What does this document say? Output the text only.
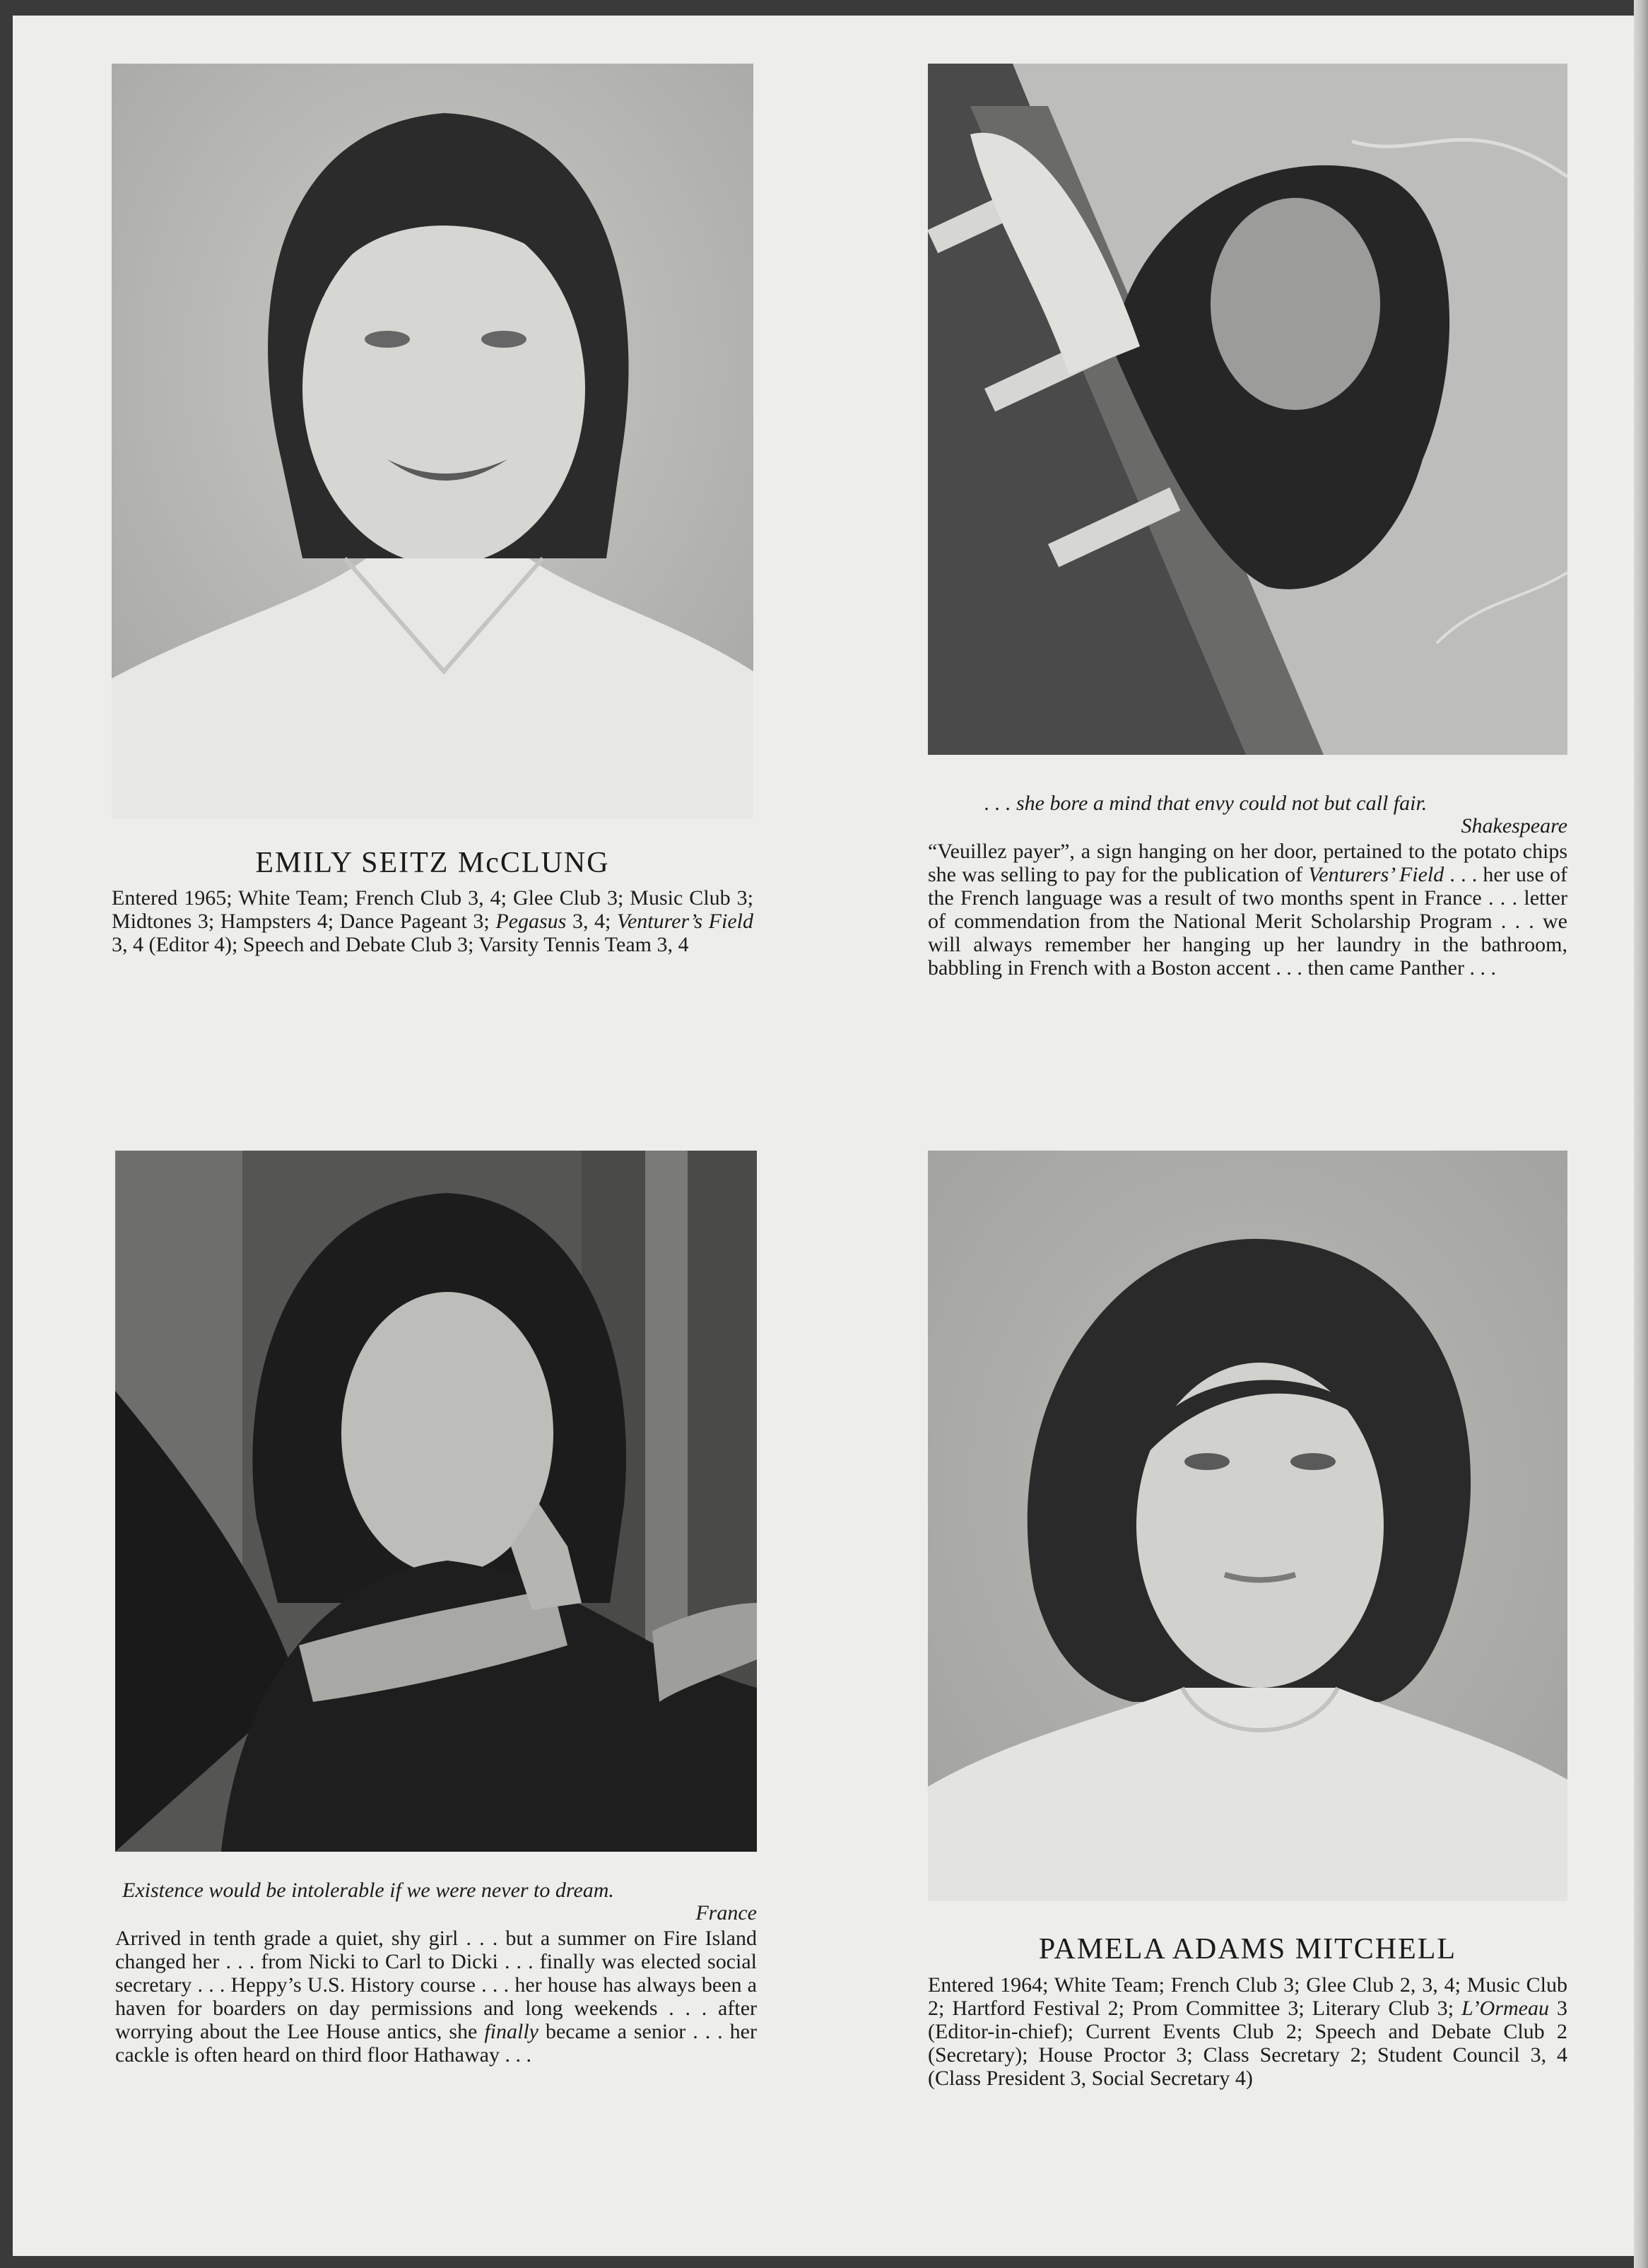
EMILY SEITZ McCLUNG
Entered 1965; White Team; French Club 3, 4; Glee Club 3; Music Club 3; Midtones 3; Hampsters 4; Dance Pageant 3; Pegasus 3, 4; Venturer’s Field 3, 4 (Editor 4); Speech and Debate Club 3; Varsity Tennis Team 3, 4
. . . she bore a mind that envy could not but call fair.
Shakespeare
“Veuillez payer”, a sign hanging on her door, pertained to the potato chips she was selling to pay for the publication of Venturers’ Field . . . her use of the French language was a result of two months spent in France . . . letter of commendation from the National Merit Scholarship Program . . . we will always remember her hanging up her laundry in the bathroom, babbling in French with a Boston accent . . . then came Panther . . .
Existence would be intolerable if we were never to dream.
France
Arrived in tenth grade a quiet, shy girl . . . but a summer on Fire Island changed her . . . from Nicki to Carl to Dicki . . . finally was elected social secretary . . . Heppy’s U.S. History course . . . her house has always been a haven for boarders on day permissions and long weekends . . . after worrying about the Lee House antics, she finally became a senior . . . her cackle is often heard on third floor Hathaway . . .
PAMELA ADAMS MITCHELL
Entered 1964; White Team; French Club 3; Glee Club 2, 3, 4; Music Club 2; Hartford Festival 2; Prom Committee 3; Literary Club 3; L’Ormeau 3 (Editor-in-chief); Current Events Club 2; Speech and Debate Club 2 (Secretary); House Proctor 3; Class Secretary 2; Student Council 3, 4 (Class President 3, Social Secretary 4)
